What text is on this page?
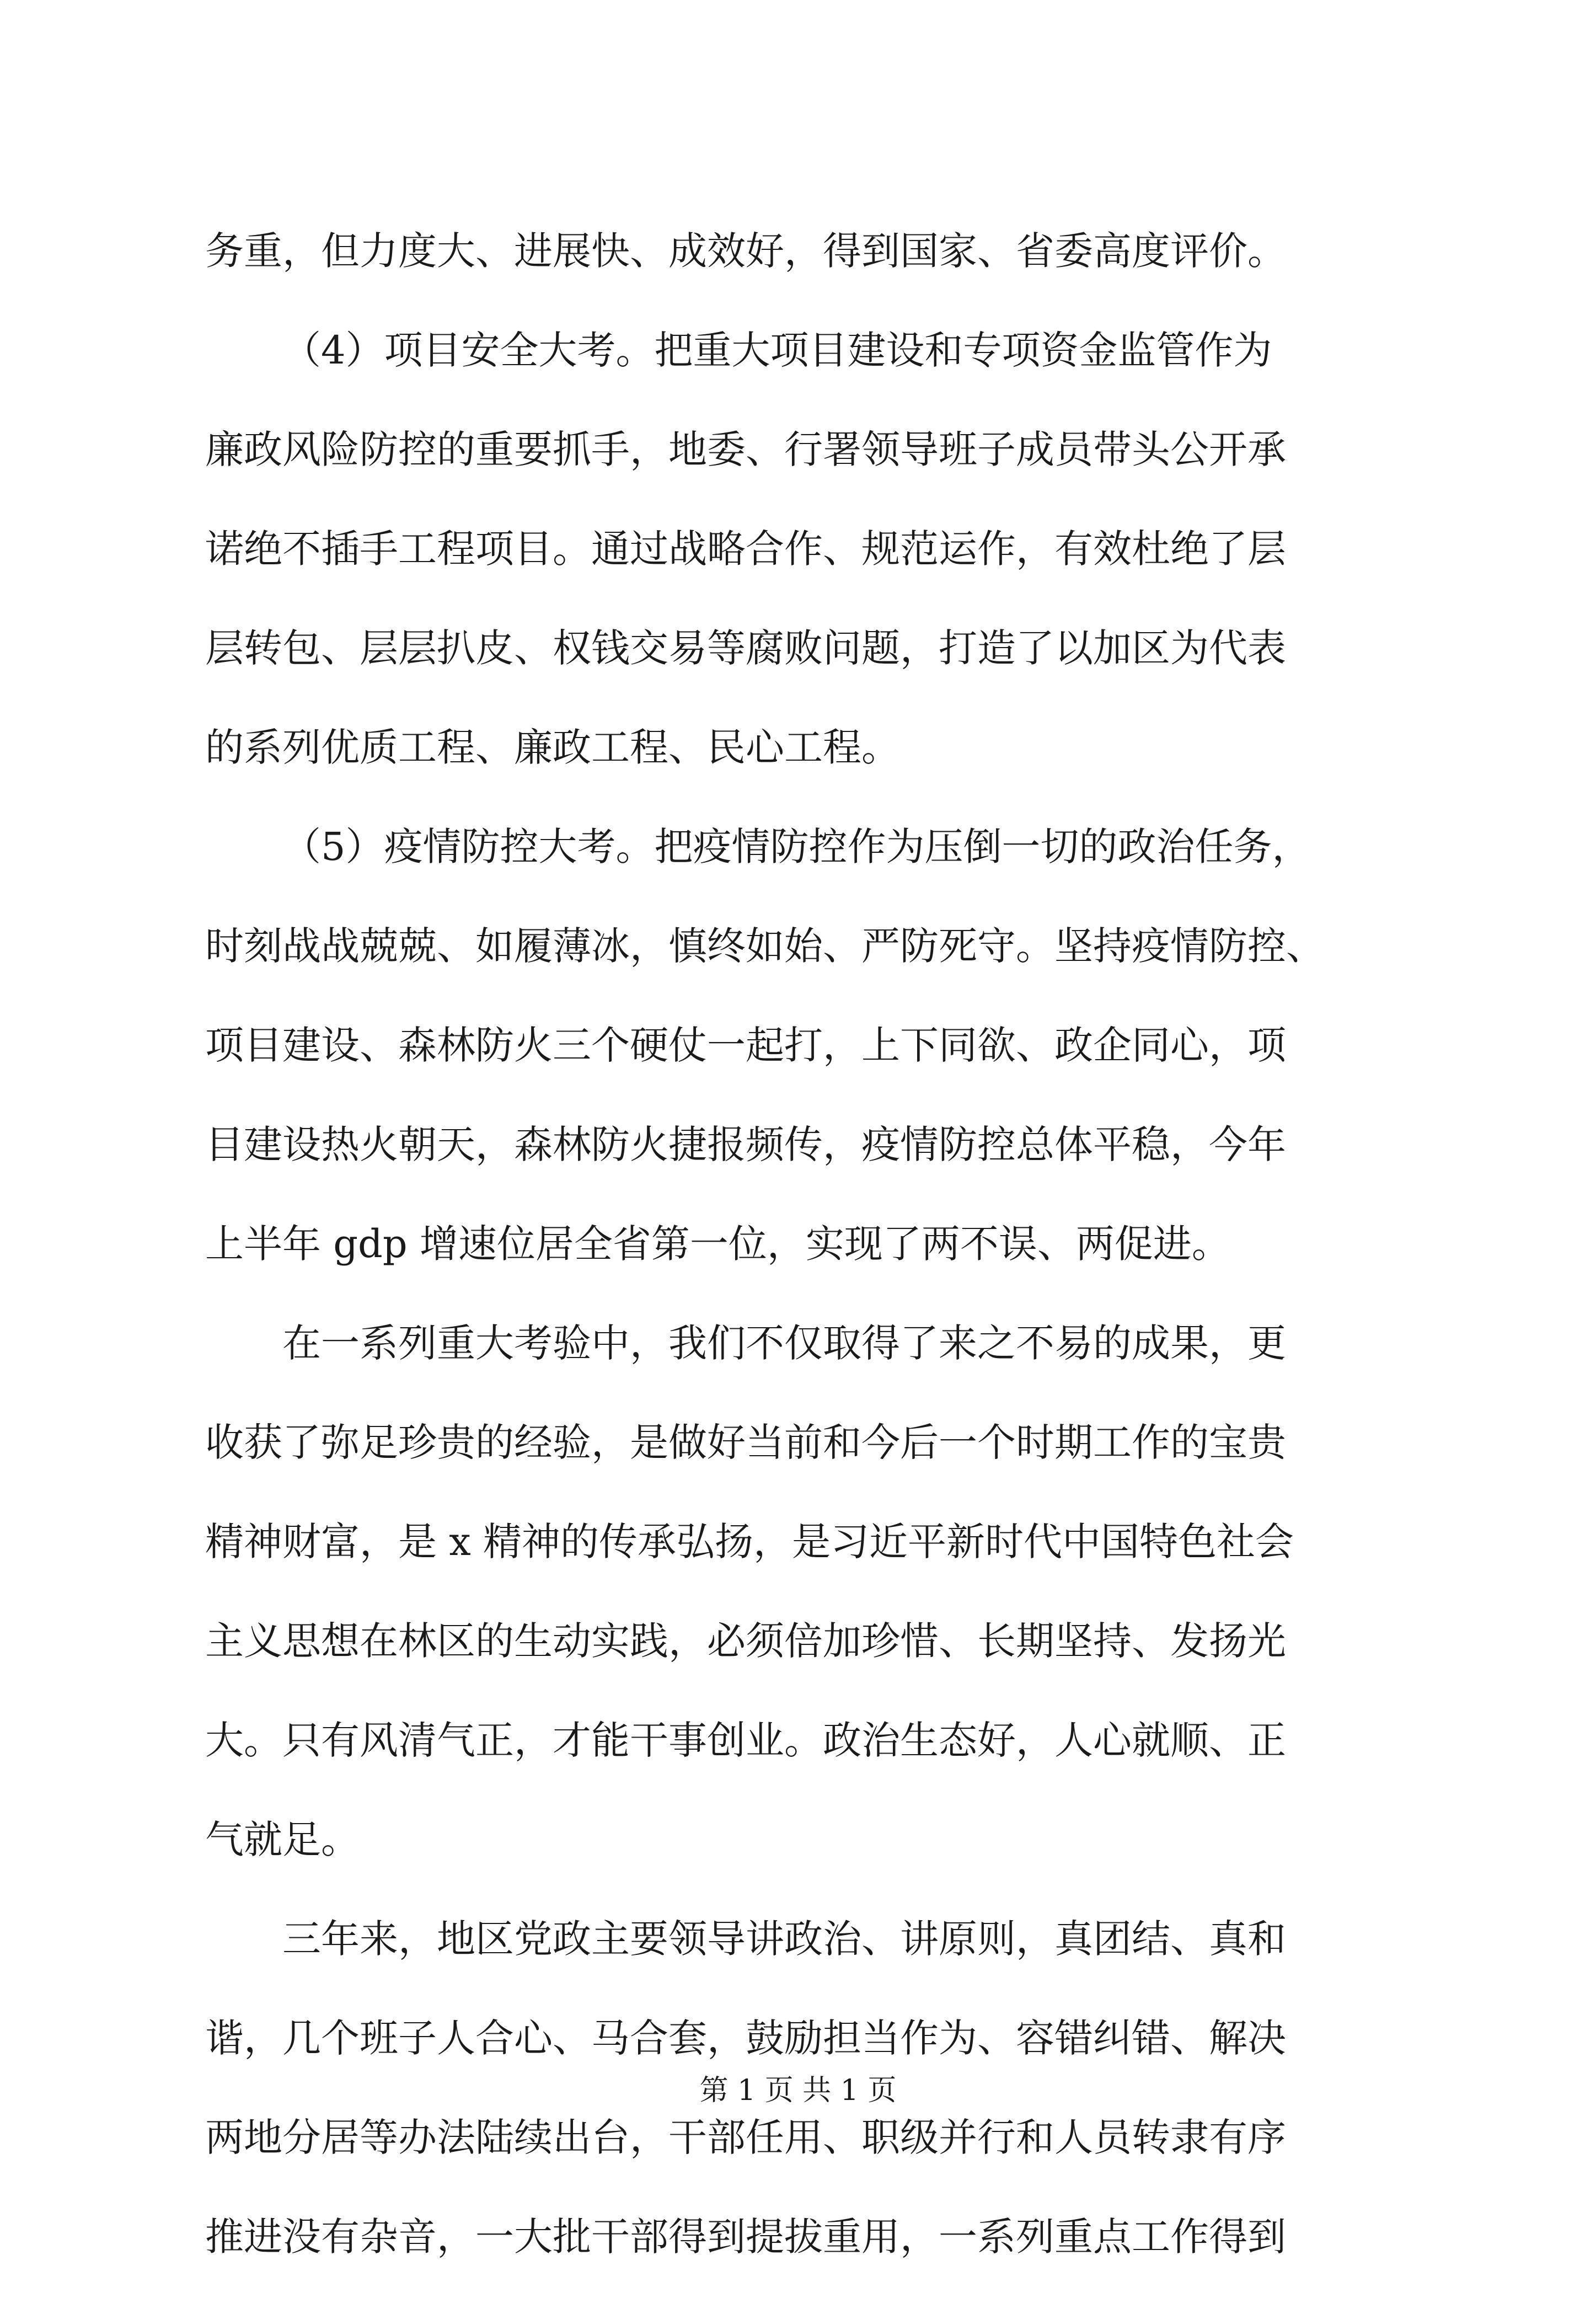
务重，但力度大、进展快、成效好，得到国家、省委高度评价。
（4）项目安全大考。把重大项目建设和专项资金监管作为
廉政风险防控的重要抓手，地委、行署领导班子成员带头公开承
诺绝不插手工程项目。通过战略合作、规范运作，有效杜绝了层
层转包、层层扒皮、权钱交易等腐败问题，打造了以加区为代表
的系列优质工程、廉政工程、民心工程。
（5）疫情防控大考。把疫情防控作为压倒一切的政治任务，
时刻战战兢兢、如履薄冰，慎终如始、严防死守。坚持疫情防控、
项目建设、森林防火三个硬仗一起打，上下同欲、政企同心，项
目建设热火朝天，森林防火捷报频传，疫情防控总体平稳，今年
上半年 gdp 增速位居全省第一位，实现了两不误、两促进。
在一系列重大考验中，我们不仅取得了来之不易的成果，更
收获了弥足珍贵的经验，是做好当前和今后一个时期工作的宝贵
精神财富，是 x 精神的传承弘扬，是习近平新时代中国特色社会
主义思想在林区的生动实践，必须倍加珍惜、长期坚持、发扬光
大。只有风清气正，才能干事创业。政治生态好，人心就顺、正
气就足。
三年来，地区党政主要领导讲政治、讲原则，真团结、真和
谐，几个班子人合心、马合套，鼓励担当作为、容错纠错、解决
两地分居等办法陆续出台，干部任用、职级并行和人员转隶有序
推进没有杂音，一大批干部得到提拔重用，一系列重点工作得到
第 1 页 共 1 页
